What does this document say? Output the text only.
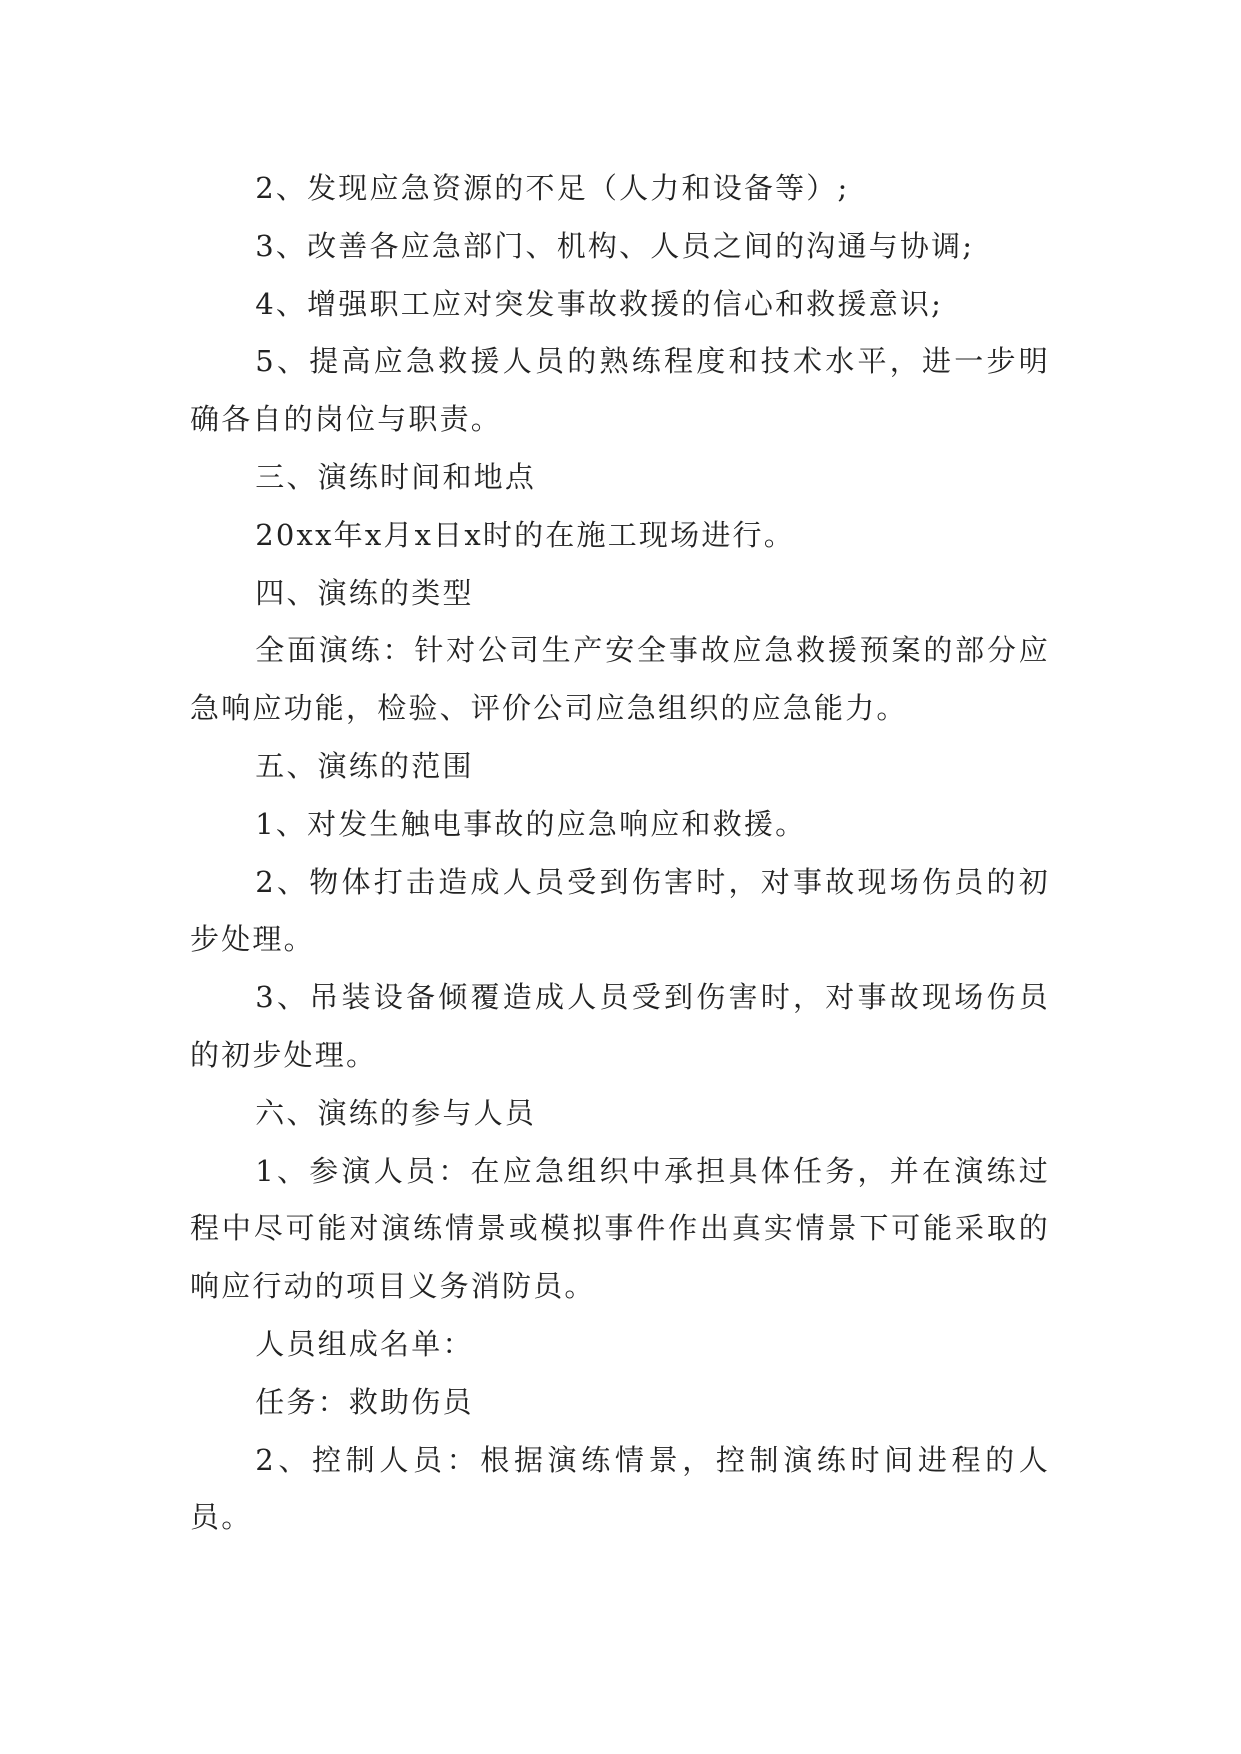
2、发现应急资源的不足（人力和设备等）;

3、改善各应急部门、机构、人员之间的沟通与协调;

4、增强职工应对突发事故救援的信心和救援意识;

5、提高应急救援人员的熟练程度和技术水平，进一步明确各自的岗位与职责。

三、演练时间和地点

20xx年x月x日x时的在施工现场进行。

四、演练的类型

全面演练：针对公司生产安全事故应急救援预案的部分应急响应功能，检验、评价公司应急组织的应急能力。

五、演练的范围

1、对发生触电事故的应急响应和救援。

2、物体打击造成人员受到伤害时，对事故现场伤员的初步处理。

3、吊装设备倾覆造成人员受到伤害时，对事故现场伤员的初步处理。

六、演练的参与人员

1、参演人员：在应急组织中承担具体任务，并在演练过程中尽可能对演练情景或模拟事件作出真实情景下可能采取的响应行动的项目义务消防员。

人员组成名单：

任务：救助伤员

2、控制人员：根据演练情景，控制演练时间进程的人员。
